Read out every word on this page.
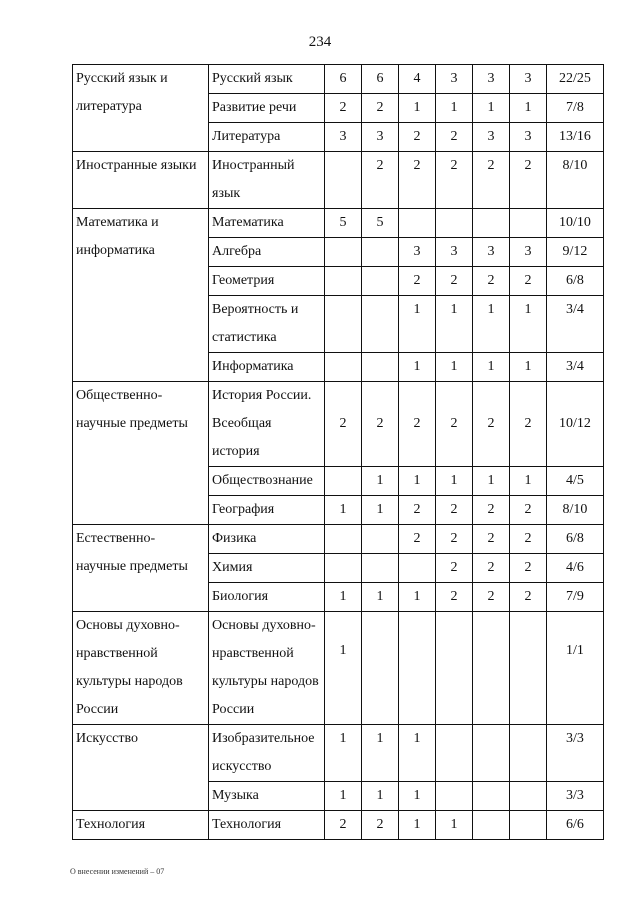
234
Русский язык и литература	Русский язык	6	6	4	3	3	3	22/25

	Развитие речи	2	2	1	1	1	1	7/8

	Литература	3	3	2	2	3	3	13/16

Иностранные языки	Иностранный язык		2	2	2	2	2	8/10

Математика и информатика	Математика	5	5					10/10

	Алгебра			3	3	3	3	9/12

	Геометрия			2	2	2	2	6/8

	Вероятность и статистика			1	1	1	1	3/4

	Информатика			1	1	1	1	3/4

Общественно-научные предметы	История России. Всеобщая история	2	2	2	2	2	2	10/12

	Обществознание		1	1	1	1	1	4/5

	География	1	1	2	2	2	2	8/10

Естественно-научные предметы	Физика			2	2	2	2	6/8

	Химия				2	2	2	4/6

	Биология	1	1	1	2	2	2	7/9

Основы духовно-нравственной культуры народов России	Основы духовно-нравственной культуры народов России	1						1/1

Искусство	Изобразительное искусство	1	1	1				3/3

	Музыка	1	1	1				3/3

Технология	Технология	2	2	1	1			6/6
О внесении изменений – 07
